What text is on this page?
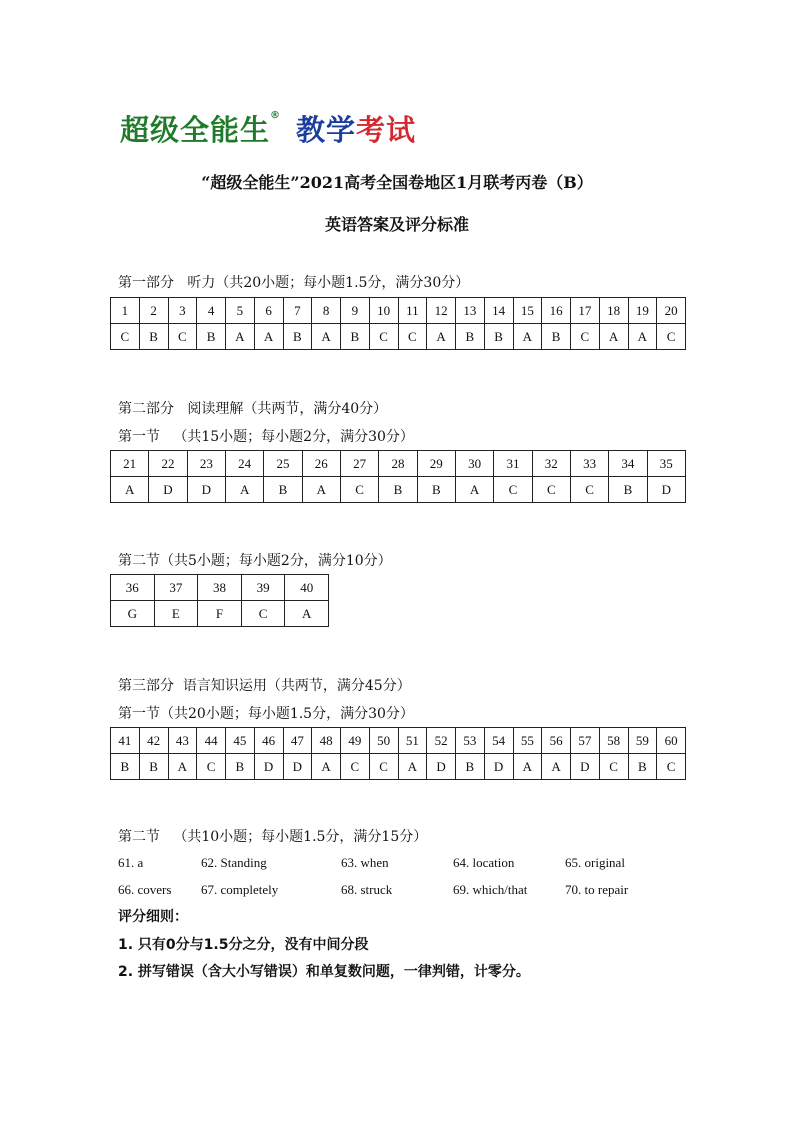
超级全能生 ® 教学 考试
“超级全能生”2021高考全国卷地区1月联考丙卷（B）
英语答案及评分标准
第一部分   听力（共20小题；每小题1.5分，满分30分）
1	2	3	4	5	6	7	8	9	10	11	12	13	14	15	16	17	18	19	20
C	B	C	B	A	A	B	A	B	C	C	A	B	B	A	B	C	A	A	C
第二部分   阅读理解（共两节，满分40分）
第一节   （共15小题；每小题2分，满分30分）
21	22	23	24	25	26	27	28	29	30	31	32	33	34	35
A	D	D	A	B	A	C	B	B	A	C	C	C	B	D
第二节（共5小题；每小题2分，满分10分）
36	37	38	39	40
G	E	F	C	A
第三部分  语言知识运用（共两节，满分45分）
第一节（共20小题；每小题1.5分，满分30分）
41	42	43	44	45	46	47	48	49	50	51	52	53	54	55	56	57	58	59	60
B	B	A	C	B	D	D	A	C	C	A	D	B	D	A	A	D	C	B	C
第二节   （共10小题；每小题1.5分，满分15分）
61. a	62. Standing	63. when	64. location	65. original
66. covers 67. completely	68. struck	69. which/that	70. to repair
评分细则：
1. 只有0分与1.5分之分，没有中间分段
2. 拼写错误（含大小写错误）和单复数问题，一律判错，计零分。
